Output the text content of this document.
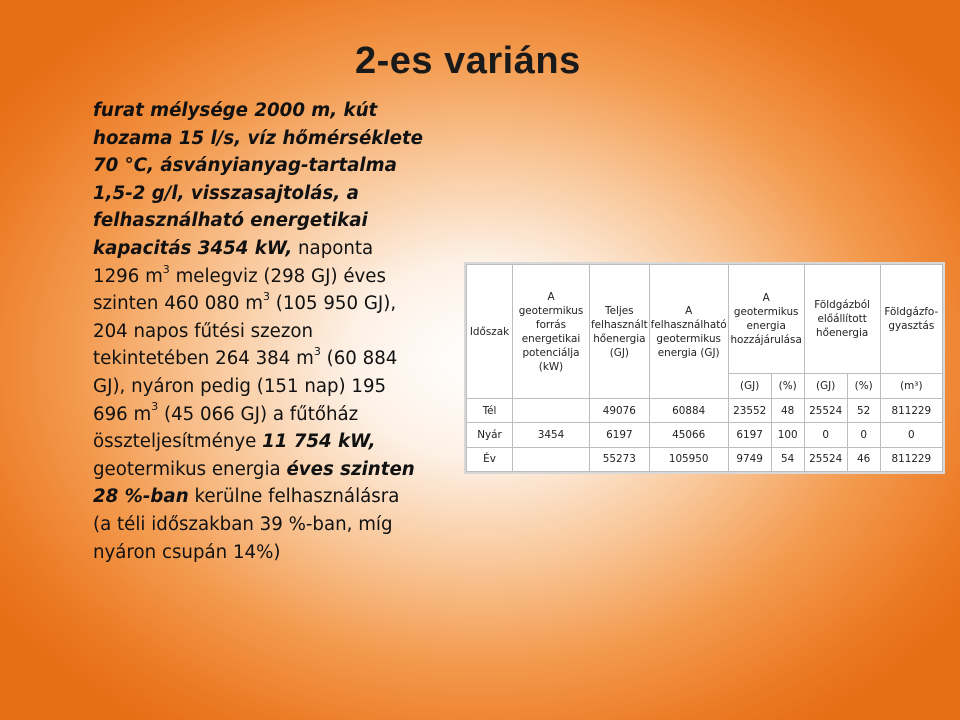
2-es variáns
furat mélysége 2000 m, kút
hozama 15 l/s, víz hőmérséklete
70 °C, ásványianyag-tartalma
1,5-2 g/l, visszasajtolás, a
felhasználható energetikai
kapacitás 3454 kW, naponta
1296 $m^3$ melegviz (298 GJ) éves
szinten 460 080 $m^3$ (105 950 GJ),
204 napos fűtési szezon
tekintetében 264 384 $m^3$ (60 884
GJ), nyáron pedig (151 nap) 195
696 $m^3$ (45 066 GJ) a fűtőház
összteljesítménye 11 754 kW,
geotermikus energia éves szinten
28 %-ban kerülne felhasználásra
(a téli időszakban 39 %-ban, míg
nyáron csupán 14%)
Időszak	A geotermikus forrás energetikai potenciálja (kW)	Teljes felhasznált hőenergia (GJ)	A felhasználható geotermikus energia (GJ)	A geotermikus energia hozzájárulása		Földgázból előállított hőenergia		Földgázfo-gyasztás
				(GJ)	(%)	(GJ)	(%)	(m³)
Tél		49076	60884	23552	48	25524	52	811229
Nyár	3454	6197	45066	6197	100	0	0	0
Év		55273	105950	9749	54	25524	46	811229
